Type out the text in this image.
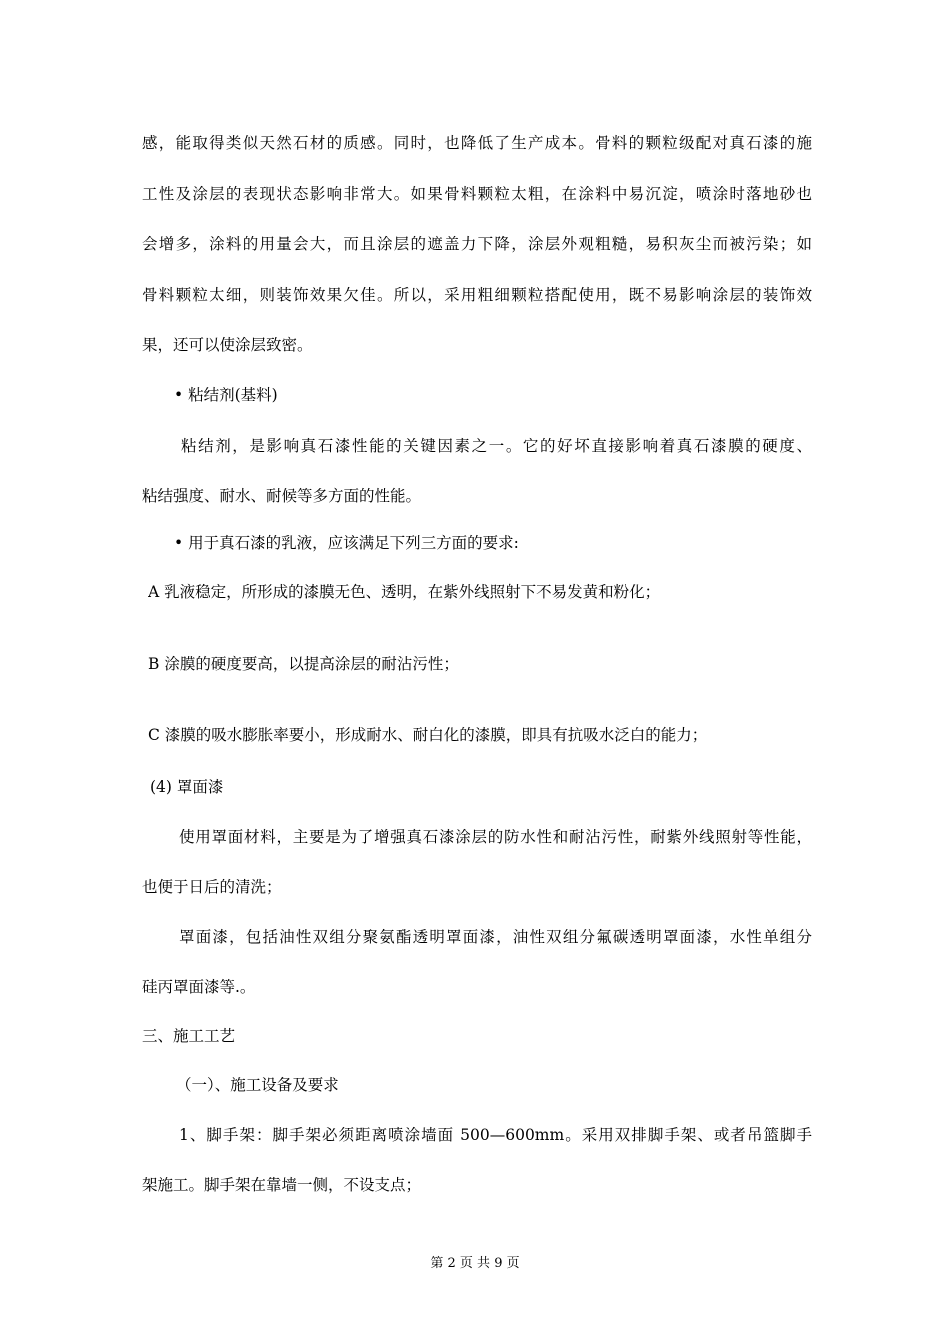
感，能取得类似天然石材的质感。同时，也降低了生产成本。骨料的颗粒级配对真石漆的施
工性及涂层的表现状态影响非常大。如果骨料颗粒太粗，在涂料中易沉淀，喷涂时落地砂也
会增多，涂料的用量会大，而且涂层的遮盖力下降，涂层外观粗糙，易积灰尘而被污染；如
骨料颗粒太细，则装饰效果欠佳。所以，采用粗细颗粒搭配使用，既不易影响涂层的装饰效
果，还可以使涂层致密。
• 粘结剂(基料)
粘结剂，是影响真石漆性能的关键因素之一。它的好坏直接影响着真石漆膜的硬度、
粘结强度、耐水、耐候等多方面的性能。
• 用于真石漆的乳液，应该满足下列三方面的要求:
A 乳液稳定，所形成的漆膜无色、透明，在紫外线照射下不易发黄和粉化；
B 涂膜的硬度要高，以提高涂层的耐沾污性；
C 漆膜的吸水膨胀率要小，形成耐水、耐白化的漆膜，即具有抗吸水泛白的能力；
(4) 罩面漆
使用罩面材料，主要是为了增强真石漆涂层的防水性和耐沾污性，耐紫外线照射等性能，
也便于日后的清洗；
罩面漆，包括油性双组分聚氨酯透明罩面漆，油性双组分氟碳透明罩面漆，水性单组分
硅丙罩面漆等.。
三、施工工艺
（一）、施工设备及要求
1、脚手架：脚手架必须距离喷涂墙面 500—600mm。采用双排脚手架、或者吊篮脚手
架施工。脚手架在靠墙一侧，不设支点；
第 2 页 共 9 页
